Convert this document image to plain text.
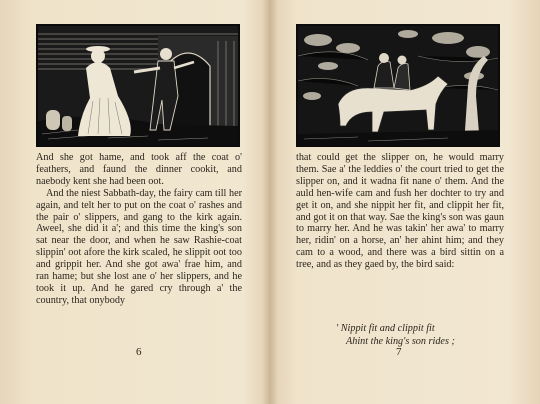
And she got hame, and took aff the coat o' feathers, and faund the dinner cookit, and naebody kent she had been oot.

And the niest Sabbath-day, the fairy cam till her again, and telt her to put on the coat o' rashes and the pair o' slippers, and gang to the kirk again. Aweel, she did it a'; and this time the king's son sat near the door, and when he saw Rashie-coat slippin' oot afore the kirk scaled, he slippit oot too and grippit her. And she got awa' frae him, and ran hame; but she lost ane o' her slippers, and he took it up. And he gared cry through a' the country, that onybody

6

that could get the slipper on, he would marry them. Sae a' the leddies o' the court tried to get the slipper on, and it wadna fit nane o' them. And the auld hen-wife cam and fush her dochter to try and get it on, and she nippit her fit, and clippit her fit, and got it on that way. Sae the king's son was gaun to marry her. And he was takin' her awa' to marry her, ridin' on a horse, an' her ahint him; and they cam to a wood, and there was a bird sittin on a tree, and as they gaed by, the bird said:

' Nippit fit and clippit fit
Ahint the king's son rides ;
7
